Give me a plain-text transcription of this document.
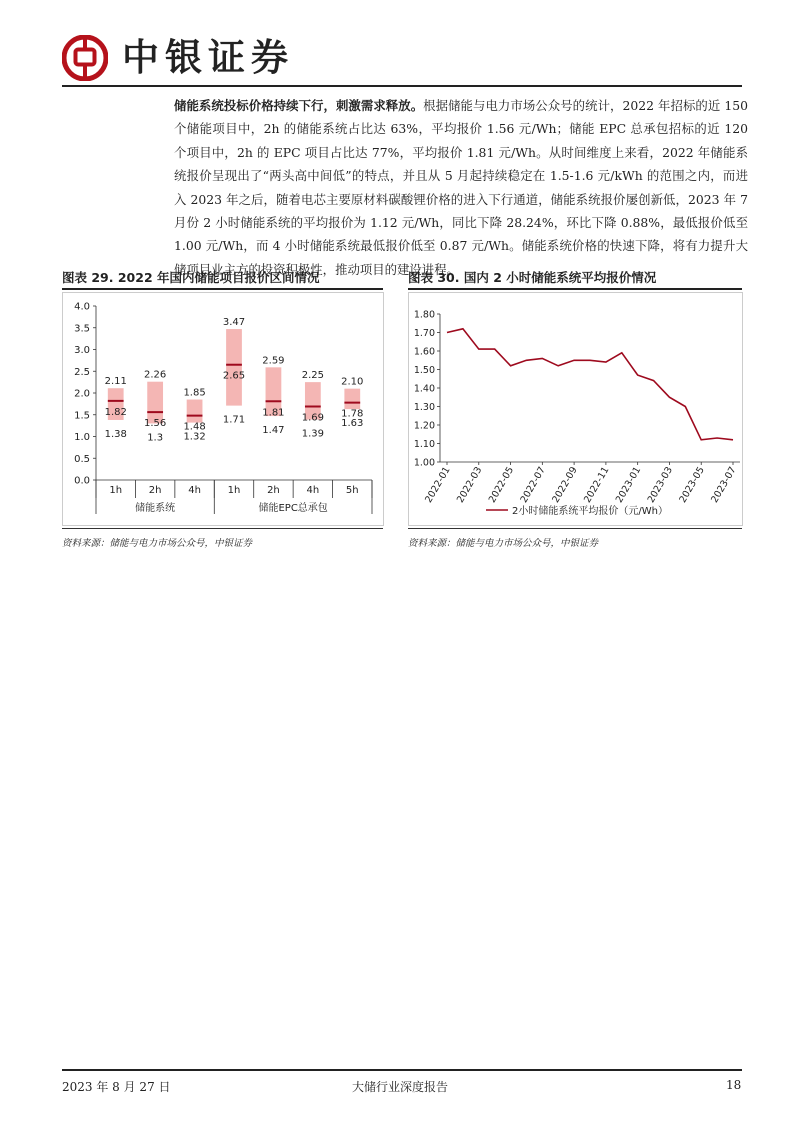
中银证券

储能系统投标价格持续下行，刺激需求释放。根据储能与电力市场公众号的统计，2022 年招标的近 150 个储能项目中，2h 的储能系统占比达 63%，平均报价 1.56 元/Wh；储能 EPC 总承包招标的近 120 个项目中，2h 的 EPC 项目占比达 77%，平均报价 1.81 元/Wh。从时间维度上来看，2022 年储能系统报价呈现出了“两头高中间低”的特点，并且从 5 月起持续稳定在 1.5-1.6 元/kWh 的范围之内，而进入 2023 年之后，随着电芯主要原材料碳酸锂价格的进入下行通道，储能系统报价屡创新低，2023 年 7 月份 2 小时储能系统的平均报价为 1.12 元/Wh，同比下降 28.24%，环比下降 0.88%，最低报价低至 1.00 元/Wh，而 4 小时储能系统最低报价低至 0.87 元/Wh。储能系统价格的快速下降，将有力提升大储项目业主方的投资积极性，推动项目的建设进程。

图表 29. 2022 年国内储能项目报价区间情况
0.0
0.5
1.0
1.5
2.0
2.5
3.0
3.5
4.0
储能系统	储能EPC总承包
2.11
1.82
1.38
1h
2.26
1.56
1.3
2h
1.85
1.48
1.32
4h
3.47
2.65
1.71
1h
2.59
1.81
1.47
2h
2.25
1.69
1.39
4h
2.10
1.78
1.63
5h
资料来源：储能与电力市场公众号，中银证券
图表 30. 国内 2 小时储能系统平均报价情况
1.00
1.10
1.20
1.30
1.40
1.50
1.60
1.70
1.80
2022-01 2022-03 2022-05 2022-07 2022-09 2022-11 2023-01 2023-03 2023-05 2023-07
2小时储能系统平均报价（元/Wh）
资料来源：储能与电力市场公众号，中银证券
2023 年 8 月 27 日	大储行业深度报告	18
